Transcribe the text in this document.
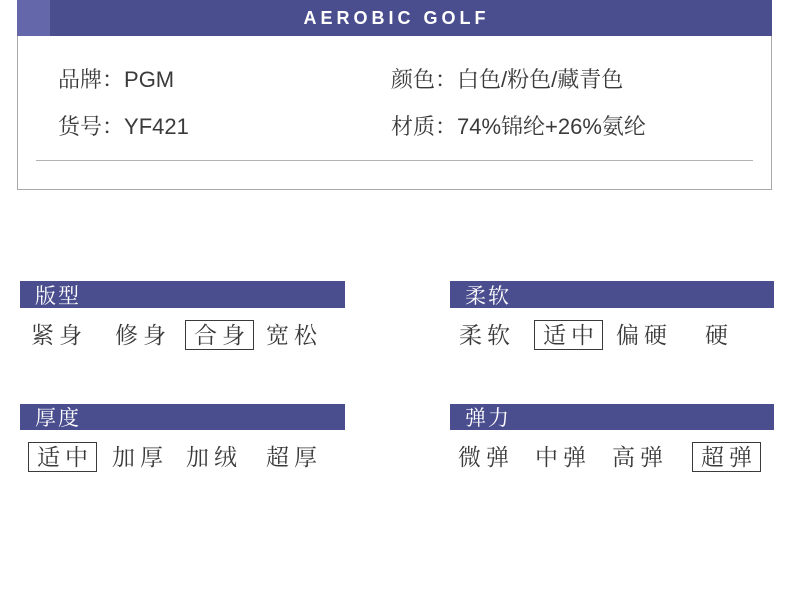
AEROBIC GOLF
品牌：PGM
货号：YF421
颜色：白色/粉色/藏青色
材质：74%锦纶+26%氨纶
版型	柔软
厚度	弹力
紧身 修身	合身 宽松	柔软	适中 偏硬 硬
适中 加厚 加绒 超厚	微弹 中弹 高弹	超弹
